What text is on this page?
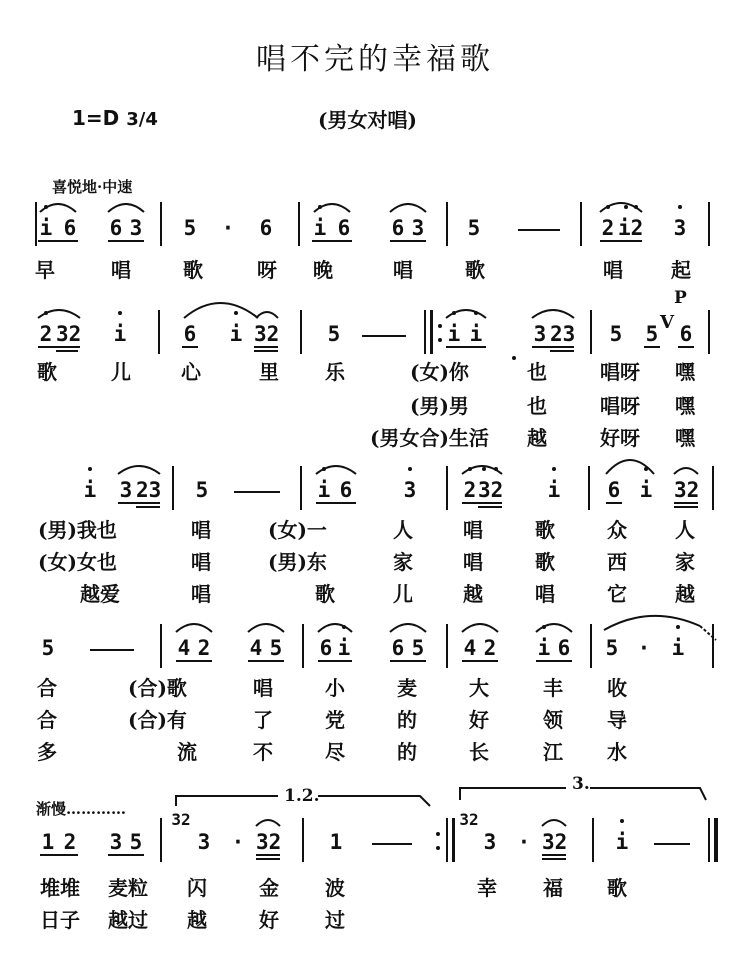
唱不完的幸福歌
1=D 3/4	(男女对唱)
喜悦地·中速
i 6 6 3 5 · 6 i 6 6 3 5	2 i2 3
早	唱	歌	呀	晚	唱	歌	唱	起
2 32 i	6 i 32 5	i i 3 23 5 5 V
P
6
歌	儿	心	里	乐	(女)你	也	唱呀	嘿
(男)男	也	唱呀	嘿
(男女合)生活	越	好呀	嘿
i 3 23 5	i 6 3 2 32 i 6 i 32
(男)我也	唱	(女)一	人	唱	歌	众	人
(女)女也	唱	(男)东	家	唱	歌	西	家
越爱	唱	歌	儿	越	唱	它	越
5	4 2 4 5 6 i 6 5 4 2 i 6 5 · i
合	(合)歌	唱	小	麦	大	丰	收
合	(合)有	了	党	的	好	领	导
多	流	不	尽	的	长	江	水
渐慢…………
1.2.
3.
1 2 3 5
32
3 · 32 1
32
3 · 32 i
堆堆 麦粒	闪	金	波	幸	福	歌
日子 越过	越	好	过
